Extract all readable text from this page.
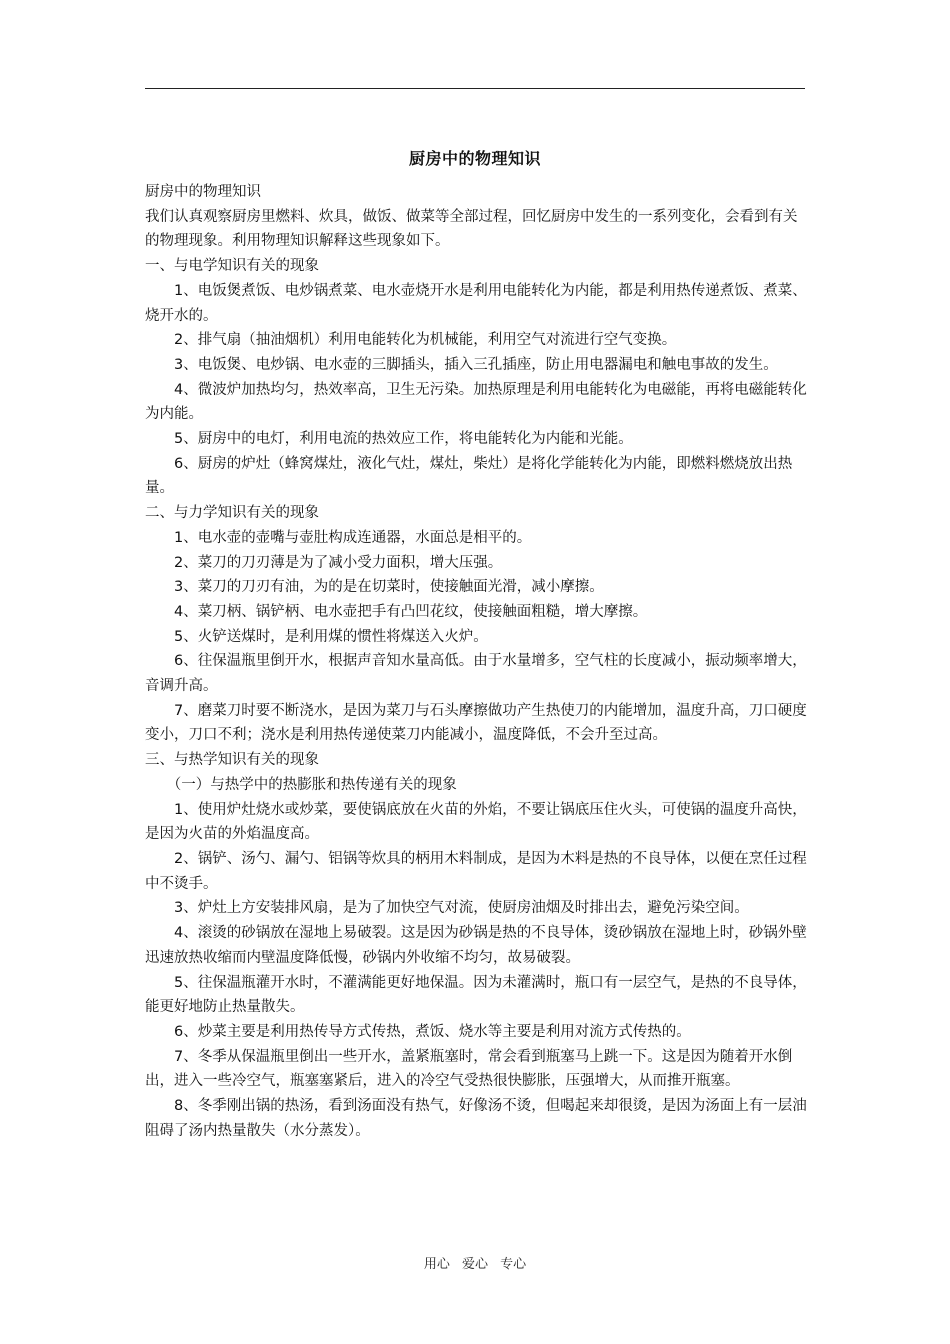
厨房中的物理知识

厨房中的物理知识

我们认真观察厨房里燃料、炊具，做饭、做菜等全部过程，回忆厨房中发生的一系列变化，会看到有关的物理现象。利用物理知识解释这些现象如下。

一、与电学知识有关的现象

1、电饭煲煮饭、电炒锅煮菜、电水壶烧开水是利用电能转化为内能，都是利用热传递煮饭、煮菜、烧开水的。

2、排气扇（抽油烟机）利用电能转化为机械能，利用空气对流进行空气变换。

3、电饭煲、电炒锅、电水壶的三脚插头，插入三孔插座，防止用电器漏电和触电事故的发生。

4、微波炉加热均匀，热效率高，卫生无污染。加热原理是利用电能转化为电磁能，再将电磁能转化为内能。

5、厨房中的电灯，利用电流的热效应工作，将电能转化为内能和光能。

6、厨房的炉灶（蜂窝煤灶，液化气灶，煤灶，柴灶）是将化学能转化为内能，即燃料燃烧放出热量。

二、与力学知识有关的现象

1、电水壶的壶嘴与壶肚构成连通器，水面总是相平的。

2、菜刀的刀刃薄是为了减小受力面积，增大压强。

3、菜刀的刀刃有油，为的是在切菜时，使接触面光滑，减小摩擦。

4、菜刀柄、锅铲柄、电水壶把手有凸凹花纹，使接触面粗糙，增大摩擦。

5、火铲送煤时，是利用煤的惯性将煤送入火炉。

6、往保温瓶里倒开水，根据声音知水量高低。由于水量增多，空气柱的长度减小，振动频率增大，音调升高。

7、磨菜刀时要不断浇水，是因为菜刀与石头摩擦做功产生热使刀的内能增加，温度升高，刀口硬度变小，刀口不利；浇水是利用热传递使菜刀内能减小，温度降低，不会升至过高。

三、与热学知识有关的现象

（一）与热学中的热膨胀和热传递有关的现象

1、使用炉灶烧水或炒菜，要使锅底放在火苗的外焰，不要让锅底压住火头，可使锅的温度升高快，是因为火苗的外焰温度高。

2、锅铲、汤勺、漏勺、铝锅等炊具的柄用木料制成，是因为木料是热的不良导体，以便在烹任过程中不烫手。

3、炉灶上方安装排风扇，是为了加快空气对流，使厨房油烟及时排出去，避免污染空间。

4、滚烫的砂锅放在湿地上易破裂。这是因为砂锅是热的不良导体，烫砂锅放在湿地上时，砂锅外壁迅速放热收缩而内壁温度降低慢，砂锅内外收缩不均匀，故易破裂。

5、往保温瓶灌开水时，不灌满能更好地保温。因为未灌满时，瓶口有一层空气，是热的不良导体，能更好地防止热量散失。

6、炒菜主要是利用热传导方式传热，煮饭、烧水等主要是利用对流方式传热的。

7、冬季从保温瓶里倒出一些开水，盖紧瓶塞时，常会看到瓶塞马上跳一下。这是因为随着开水倒出，进入一些冷空气，瓶塞塞紧后，进入的冷空气受热很快膨胀，压强增大，从而推开瓶塞。

8、冬季刚出锅的热汤，看到汤面没有热气，好像汤不烫，但喝起来却很烫，是因为汤面上有一层油阻碍了汤内热量散失（水分蒸发）。

用心 爱心 专心
